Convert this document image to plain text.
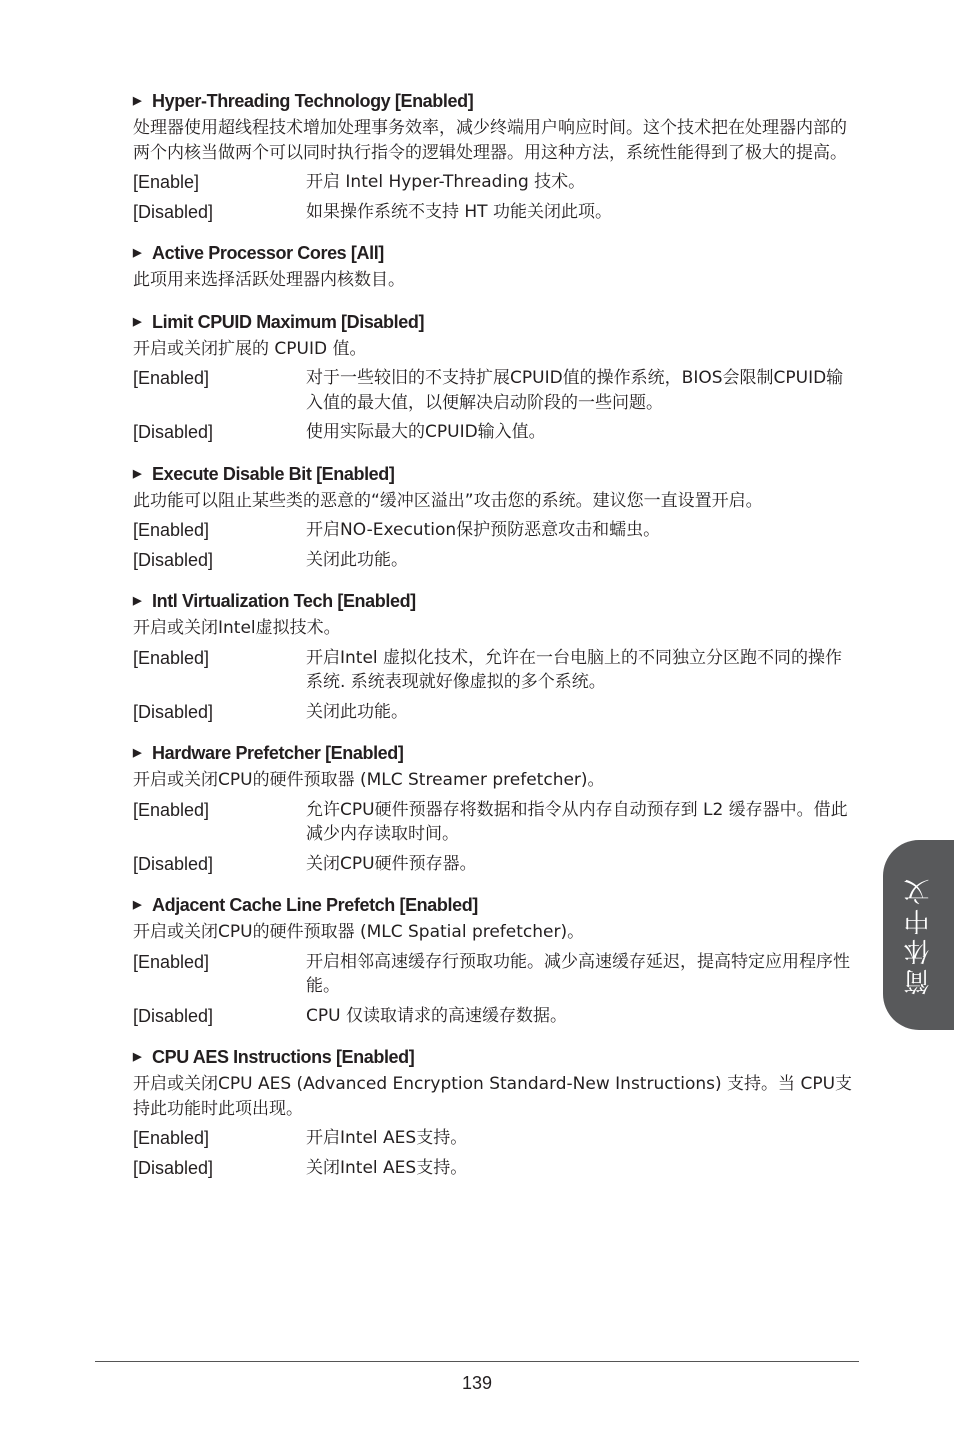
▶ Hyper-Threading Technology [Enabled]
处理器使用超线程技术增加处理事务效率，减少终端用户响应时间。这个技术把在处理器内部的两个内核当做两个可以同时执行指令的逻辑处理器。用这种方法，系统性能得到了极大的提高。
[Enable]	开启 Intel Hyper-Threading 技术。
[Disabled]	如果操作系统不支持 HT 功能关闭此项。
▶ Active Processor Cores [All]
此项用来选择活跃处理器内核数目。
▶ Limit CPUID Maximum [Disabled]
开启或关闭扩展的 CPUID 值。
[Enabled]	对于一些较旧的不支持扩展CPUID值的操作系统，BIOS会限制CPUID输入值的最大值，以便解决启动阶段的一些问题。
[Disabled]	使用实际最大的CPUID输入值。
▶ Execute Disable Bit [Enabled]
此功能可以阻止某些类的恶意的“缓冲区溢出”攻击您的系统。建议您一直设置开启。
[Enabled]	开启NO-Execution保护预防恶意攻击和蠕虫。
[Disabled]	关闭此功能。
▶ Intl Virtualization Tech [Enabled]
开启或关闭Intel虚拟技术。
[Enabled]	开启Intel 虚拟化技术，允许在一台电脑上的不同独立分区跑不同的操作系统. 系统表现就好像虚拟的多个系统。
[Disabled]	关闭此功能。
▶ Hardware Prefetcher [Enabled]
开启或关闭CPU的硬件预取器 (MLC Streamer prefetcher)。
[Enabled]	允许CPU硬件预器存将数据和指令从内存自动预存到 L2 缓存器中。借此减少内存读取时间。
[Disabled]	关闭CPU硬件预存器。
▶ Adjacent Cache Line Prefetch [Enabled]
开启或关闭CPU的硬件预取器 (MLC Spatial prefetcher)。
[Enabled]	开启相邻高速缓存行预取功能。减少高速缓存延迟，提高特定应用程序性能。
[Disabled]	CPU 仅读取请求的高速缓存数据。
▶ CPU AES Instructions [Enabled]
开启或关闭CPU AES (Advanced Encryption Standard-New Instructions) 支持。当 CPU支持此功能时此项出现。
[Enabled]	开启Intel AES支持。
[Disabled]	关闭Intel AES支持。
简体中文
139
